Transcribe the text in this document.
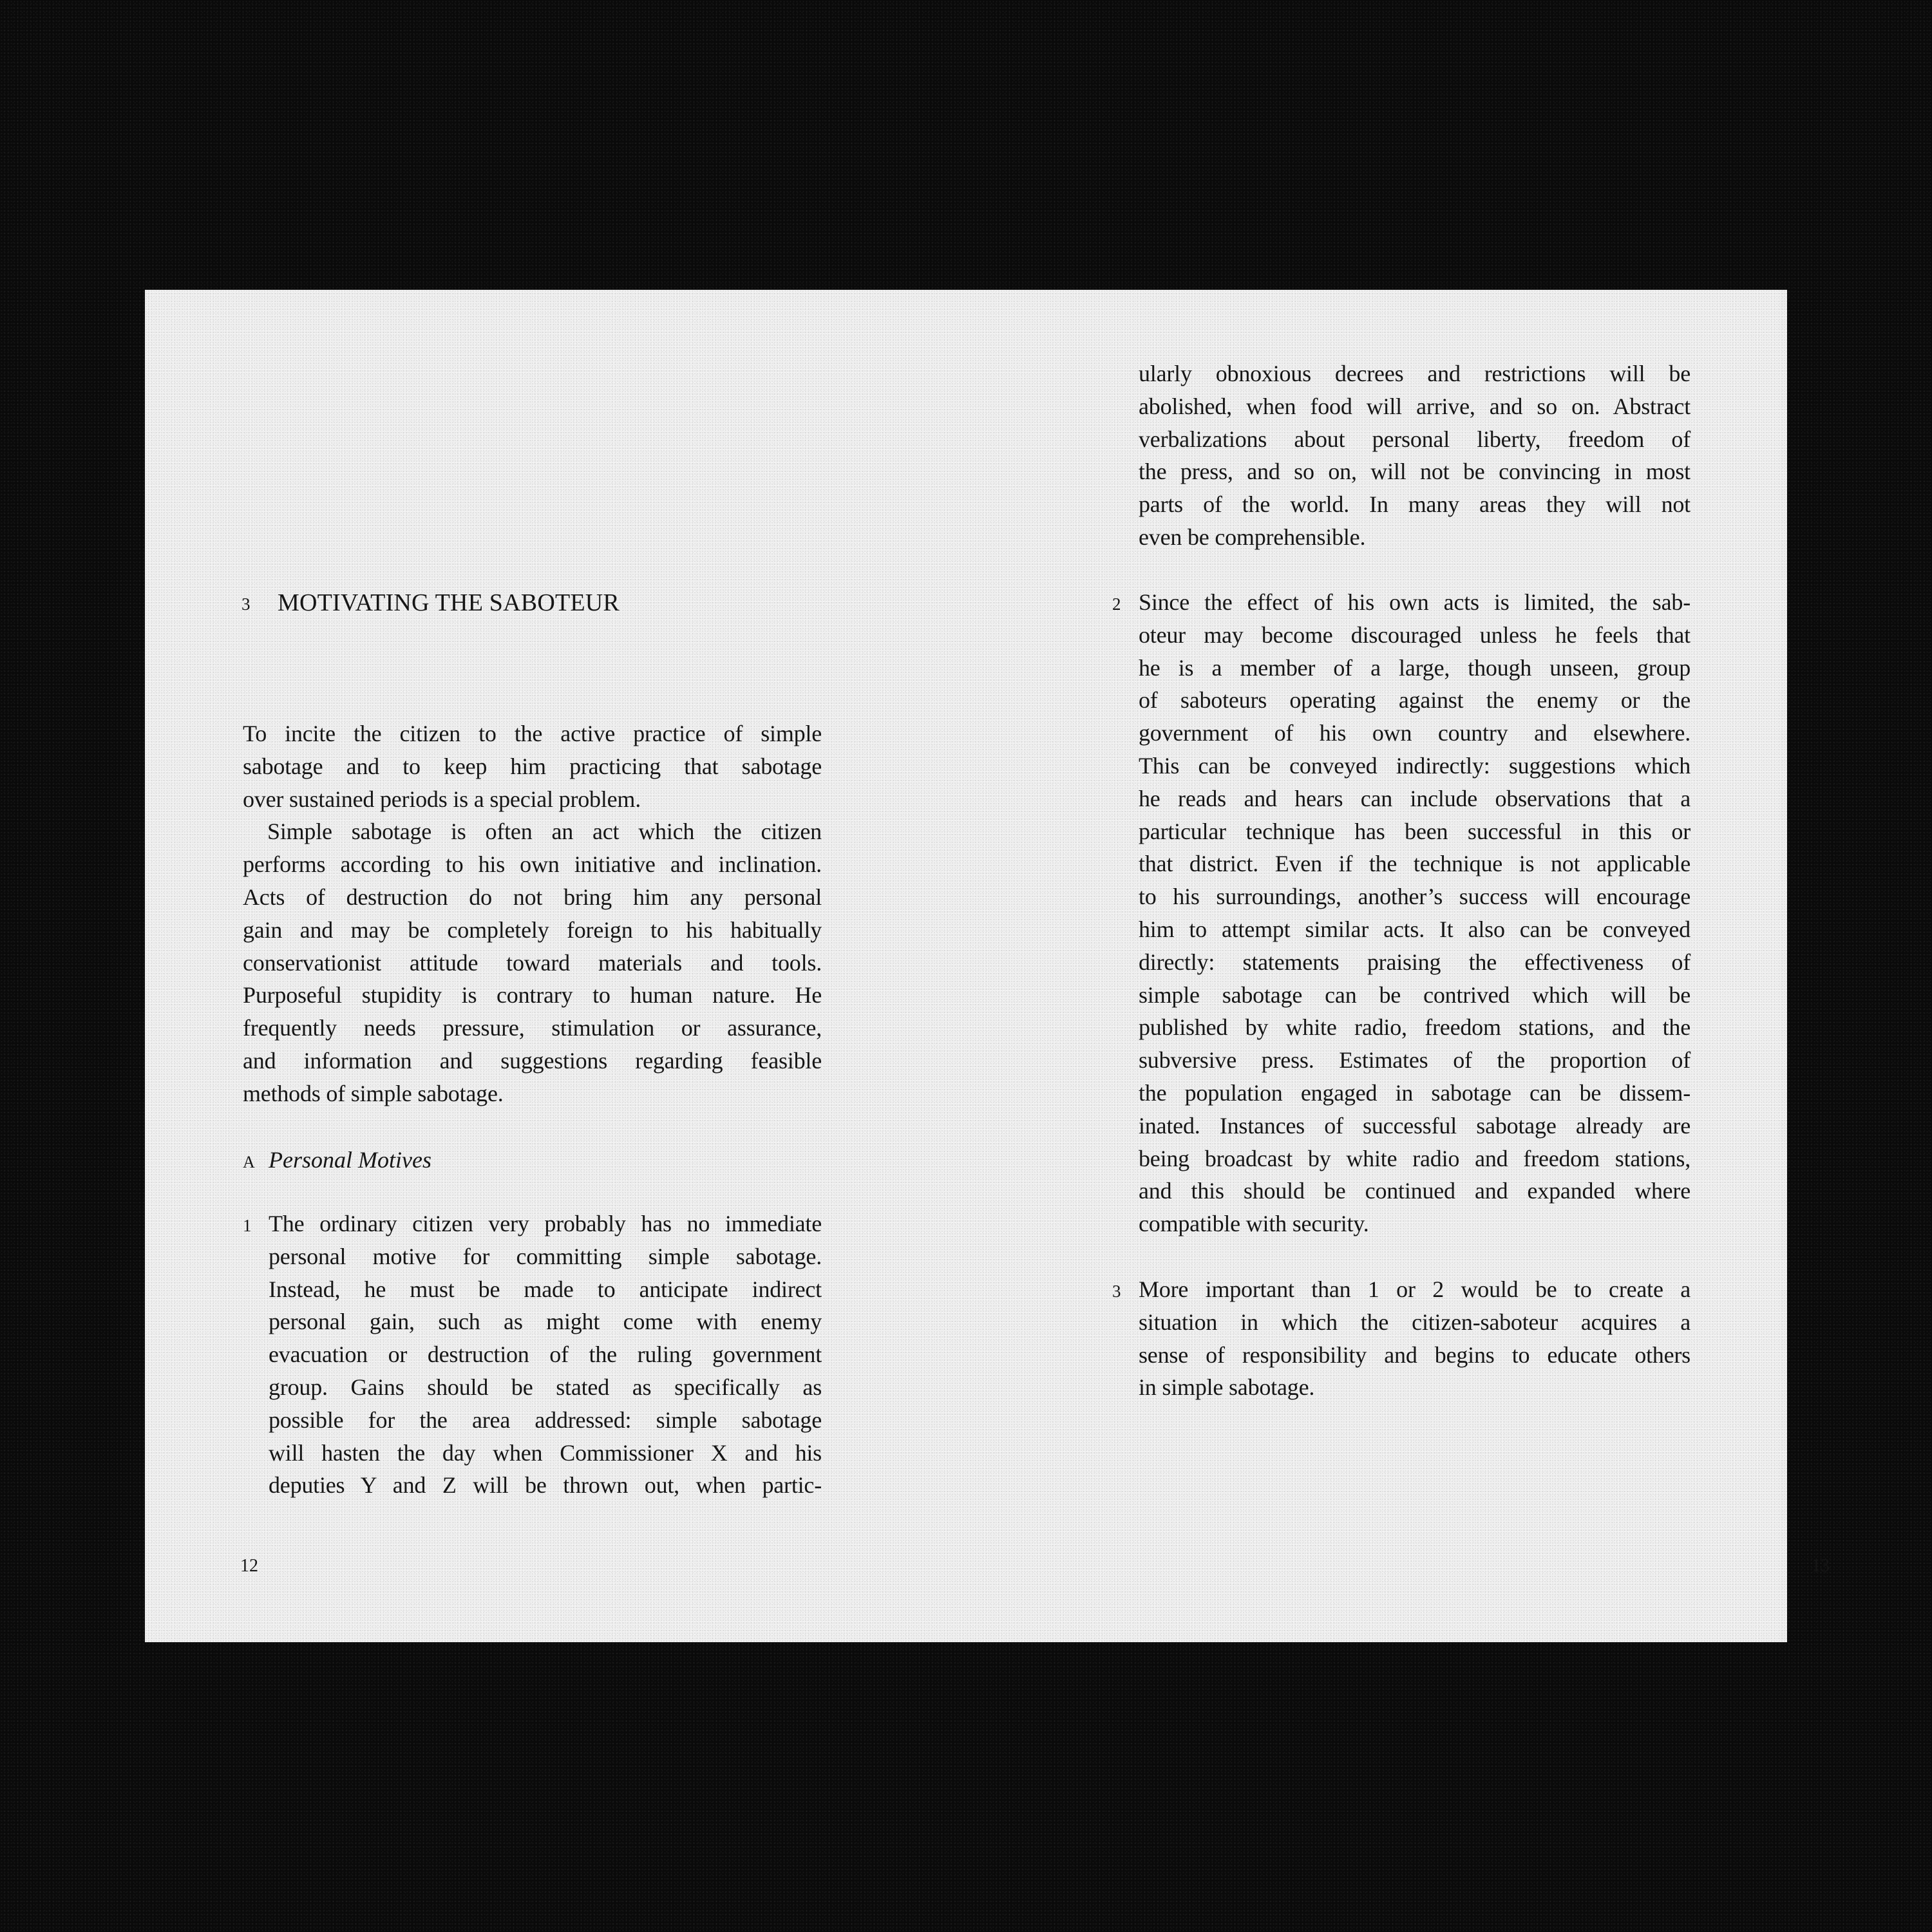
3 MOTIVATING THE SABOTEUR
To incite the citizen to the active practice of simple
sabotage and to keep him practicing that sabotage
over sustained periods is a special problem.
Simple sabotage is often an act which the citizen
performs according to his own initiative and inclination.
Acts of destruction do not bring him any personal
gain and may be completely foreign to his habitually
conservationist attitude toward materials and tools.
Purposeful stupidity is contrary to human nature. He
frequently needs pressure, stimulation or assurance,
and information and suggestions regarding feasible
methods of simple sabotage.
A Personal Motives
1 The ordinary citizen very probably has no immediate
personal motive for committing simple sabotage.
Instead, he must be made to anticipate indirect
personal gain, such as might come with enemy
evacuation or destruction of the ruling government
group. Gains should be stated as specifically as
possible for the area addressed: simple sabotage
will hasten the day when Commissioner X and his
deputies Y and Z will be thrown out, when partic-
12
ularly obnoxious decrees and restrictions will be
abolished, when food will arrive, and so on. Abstract
verbalizations about personal liberty, freedom of
the press, and so on, will not be convincing in most
parts of the world. In many areas they will not
even be comprehensible.
2 Since the effect of his own acts is limited, the sab-
oteur may become discouraged unless he feels that
he is a member of a large, though unseen, group
of saboteurs operating against the enemy or the
government of his own country and elsewhere.
This can be conveyed indirectly: suggestions which
he reads and hears can include observations that a
particular technique has been successful in this or
that district. Even if the technique is not applicable
to his surroundings, another’s success will encourage
him to attempt similar acts. It also can be conveyed
directly: statements praising the effectiveness of
simple sabotage can be contrived which will be
published by white radio, freedom stations, and the
subversive press. Estimates of the proportion of
the population engaged in sabotage can be dissem-
inated. Instances of successful sabotage already are
being broadcast by white radio and freedom stations,
and this should be continued and expanded where
compatible with security.
3 More important than 1 or 2 would be to create a
situation in which the citizen-saboteur acquires a
sense of responsibility and begins to educate others
in simple sabotage.
13
